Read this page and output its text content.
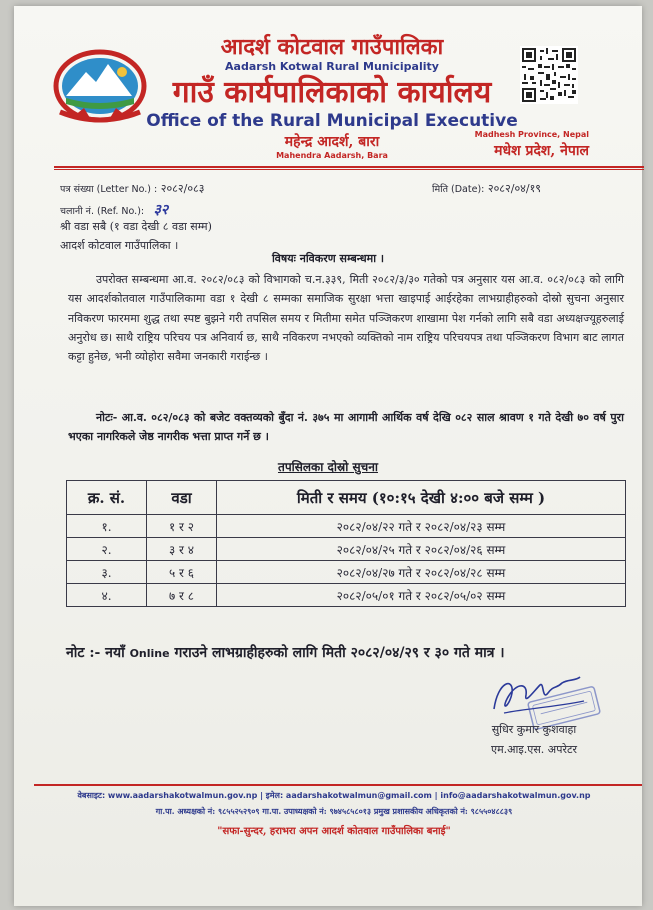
आदर्श कोटवाल गाउँपालिका
Aadarsh Kotwal Rural Municipality
गाउँ कार्यपालिकाको कार्यालय
Office of the Rural Municipal Executive
महेन्द्र आदर्श, बारा
Mahendra Aadarsh, Bara
Madhesh Province, Nepal
मधेश प्रदेश, नेपाल
पत्र संख्या (Letter No.) : २०८२/०८३	मिति (Date): २०८२/०४/१९
चलानी नं. (Ref. No.): ३२
श्री वडा सबै (१ वडा देखी ८ वडा सम्म)
आदर्श कोटवाल गाउँपालिका ।
विषयः नविकरण सम्बन्धमा ।

उपरोक्त सम्बन्धमा आ.व. २०८२/०८३ को विभागको च.न.३३९, मिती २०८२/३/३० गतेको पत्र अनुसार यस आ.व. ०८२/०८३ को लागि यस आदर्शकोतवाल गाउँपालिकामा वडा १ देखी ८ सम्मका समाजिक सुरक्षा भत्ता खाइपाई आईरहेका लाभग्राहीहरुको दोस्रो सुचना अनुसार नविकरण फारममा शुद्ध तथा स्पष्ट बुझने गरी तपसिल समय र मितीमा समेत पञ्जिकरण शाखामा पेश गर्नको लागि सबै वडा अध्यक्षज्यूहरुलाई अनुरोध छ। साथै राष्ट्रिय परिचय पत्र अनिवार्य छ, साथै नविकरण नभएको व्यक्तिको नाम राष्ट्रिय परिचयपत्र तथा पञ्जिकरण विभाग बाट लागत कट्टा हुनेछ, भनी व्योहोरा सवैमा जनकारी गराईन्छ ।

नोटः- आ.व. ०८२/०८३ को बजेट वक्तव्यको बुँदा नं. ३७५ मा आगामी आर्थिक वर्ष देखि ०८२ साल श्रावण १ गते देखी ७० वर्ष पुरा भएका नागरिकले जेष्ठ नागरीक भत्ता प्राप्त गर्ने छ ।
तपसिलका दोस्रो सुचना
क्र. सं.	वडा	मिती र समय (१०:१५ देखी ४:०० बजे सम्म )
१.	१ र २	२०८२/०४/२२ गते र २०८२/०४/२३ सम्म
२.	३ र ४	२०८२/०४/२५ गते र २०८२/०४/२६ सम्म
३.	५ र ६	२०८२/०४/२७ गते र २०८२/०४/२८ सम्म
४.	७ र ८	२०८२/०५/०१ गते र २०८२/०५/०२ सम्म
नोट :- नयाँ Online गराउने लाभग्राहीहरुको लागि मिती २०८२/०४/२९ र ३० गते मात्र ।
सुधिर कुमार कुशवाहा
एम.आइ.एस. अपरेटर
वेबसाइट: www.aadarshakotwalmun.gov.np | इमेल: aadarshakotwalmun@gmail.com | info@aadarshakotwalmun.gov.np
गा.पा. अध्यक्षको नं: ९८५५२५२९०९ गा.पा. उपाध्यक्षको नं: ९७४५८५८०१३ प्रमुख प्रशासकीय अधिकृतको नं: ९८५५०४८८३९
"सफा-सुन्दर, हराभरा अपन आदर्श कोतवाल गाउँपालिका बनाई"
